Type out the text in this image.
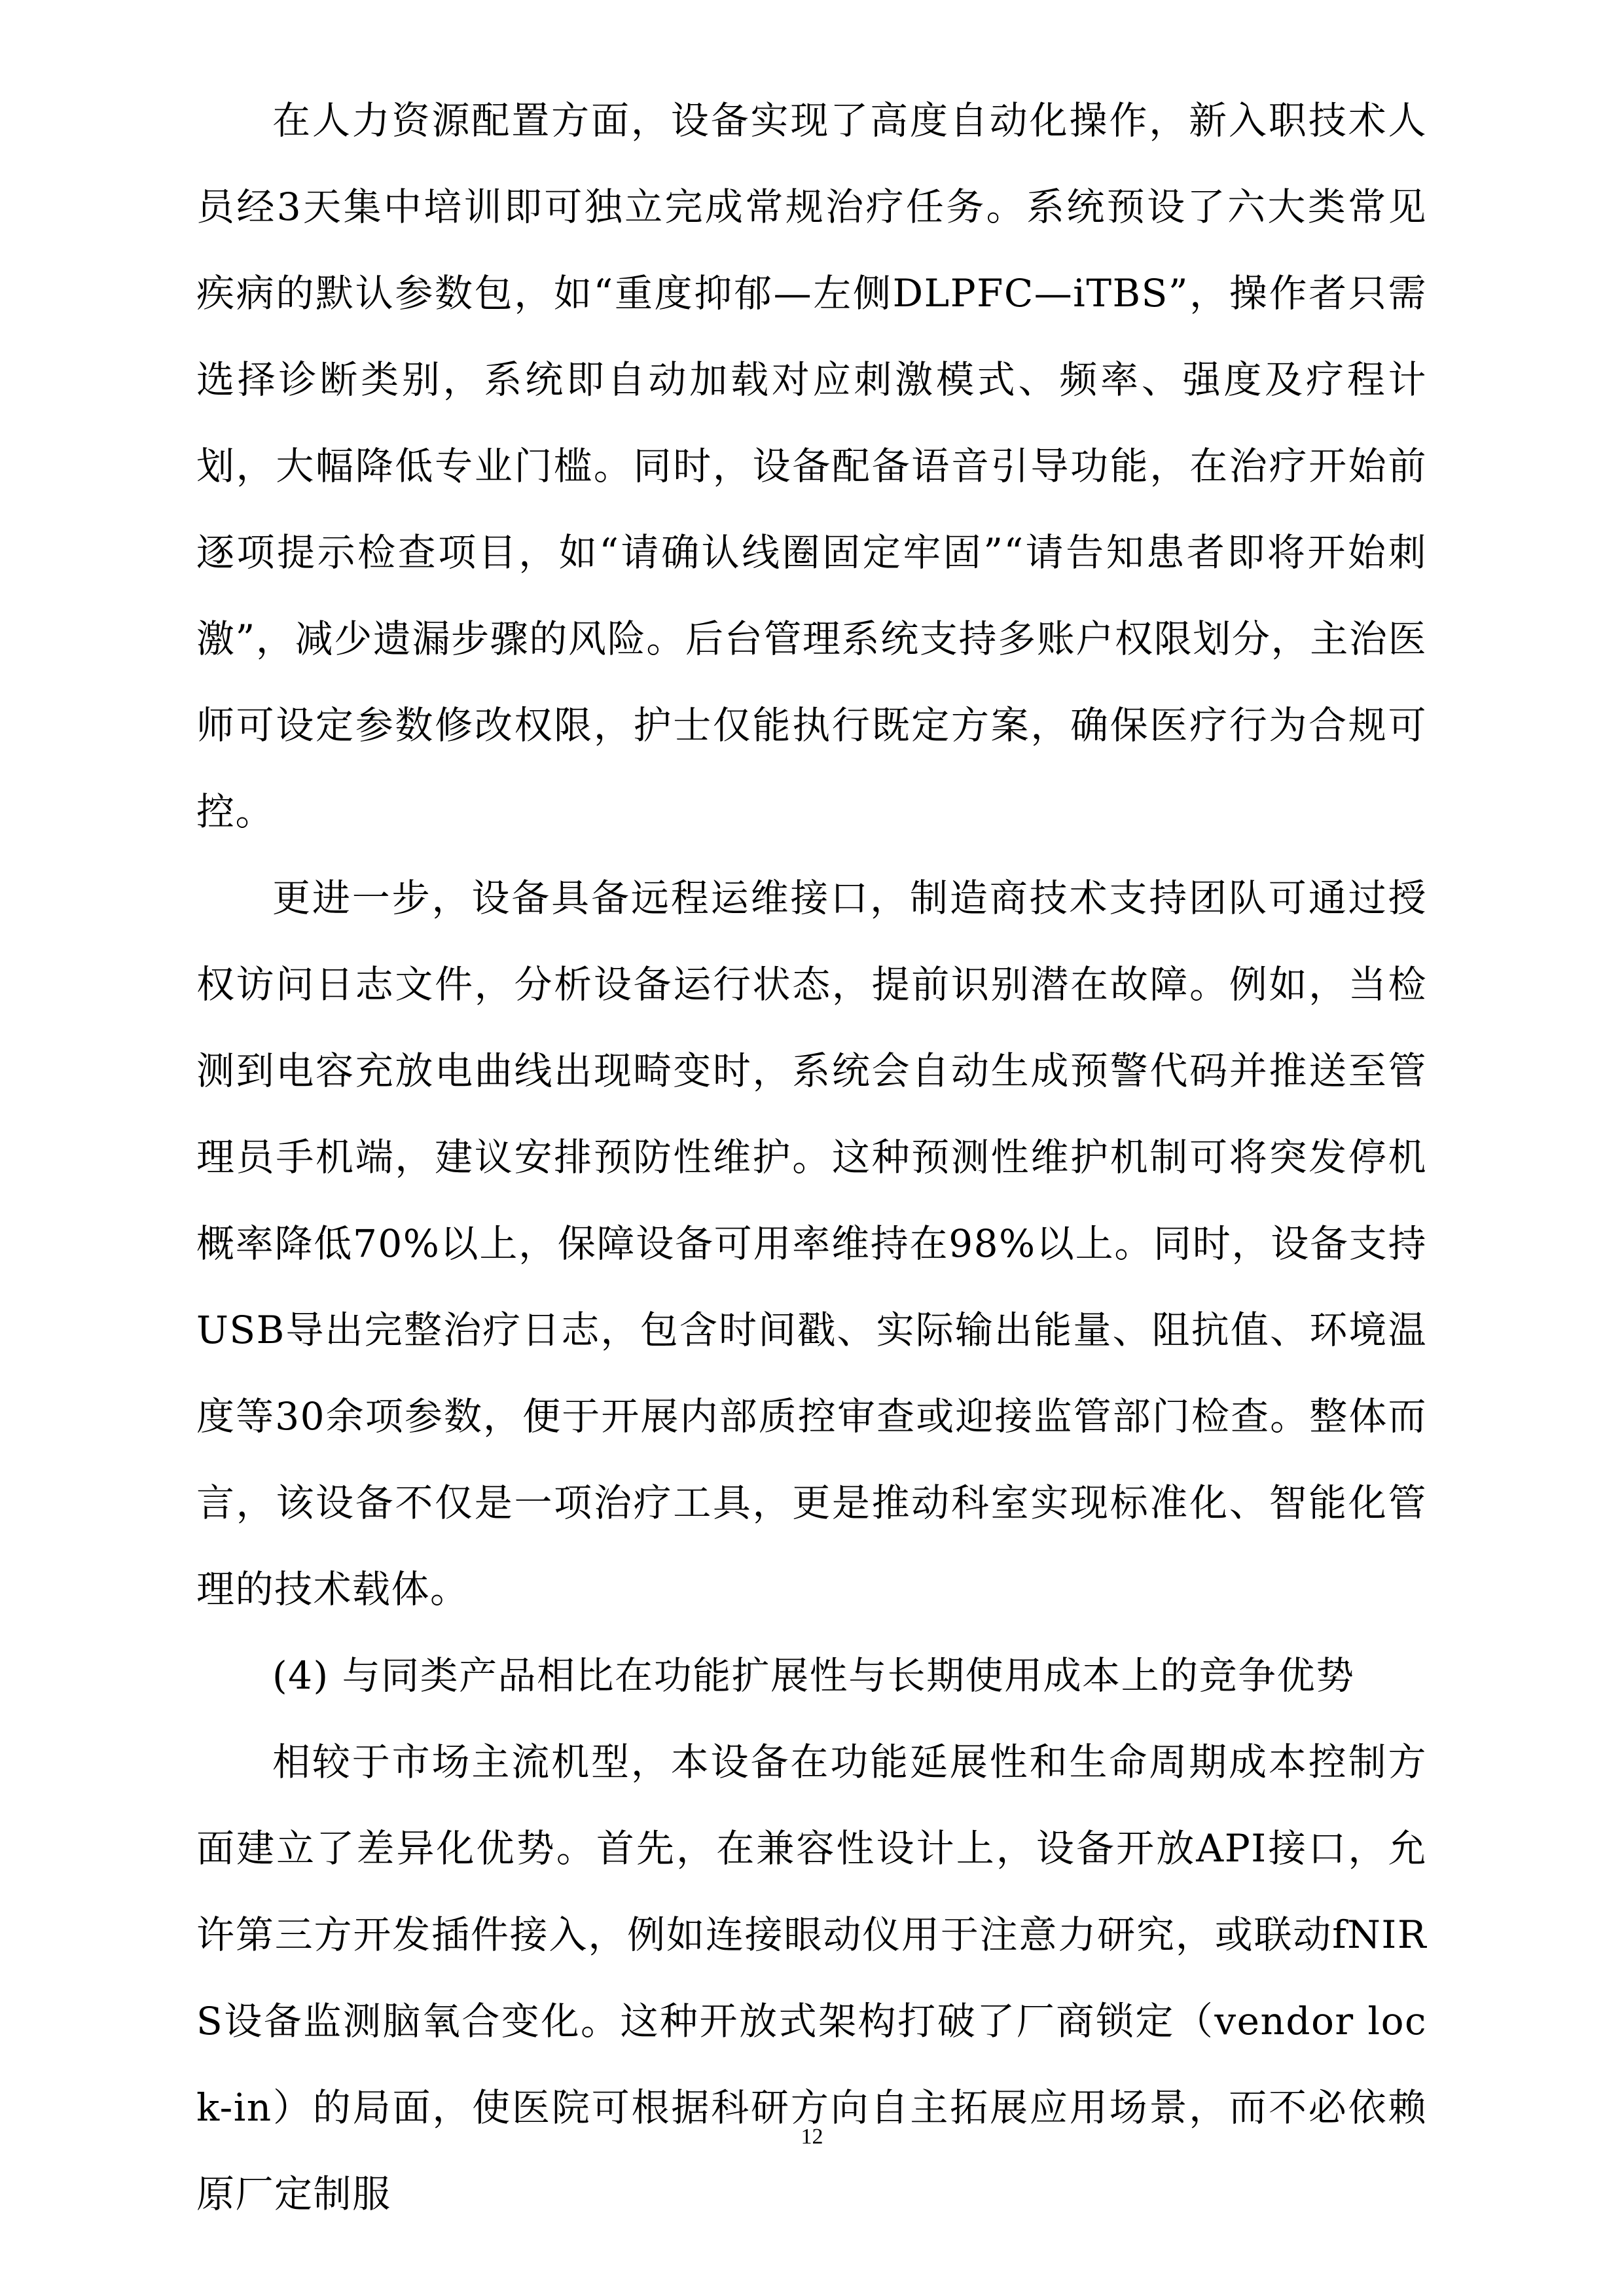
在人力资源配置方面，设备实现了高度自动化操作，新入职技术人员经3天集中培训即可独立完成常规治疗任务。系统预设了六大类常见疾病的默认参数包，如“重度抑郁—左侧DLPFC—iTBS”，操作者只需选择诊断类别，系统即自动加载对应刺激模式、频率、强度及疗程计划，大幅降低专业门槛。同时，设备配备语音引导功能，在治疗开始前逐项提示检查项目，如“请确认线圈固定牢固”“请告知患者即将开始刺激”，减少遗漏步骤的风险。后台管理系统支持多账户权限划分，主治医师可设定参数修改权限，护士仅能执行既定方案，确保医疗行为合规可控。

更进一步，设备具备远程运维接口，制造商技术支持团队可通过授权访问日志文件，分析设备运行状态，提前识别潜在故障。例如，当检测到电容充放电曲线出现畸变时，系统会自动生成预警代码并推送至管理员手机端，建议安排预防性维护。这种预测性维护机制可将突发停机概率降低70%以上，保障设备可用率维持在98%以上。同时，设备支持USB导出完整治疗日志，包含时间戳、实际输出能量、阻抗值、环境温度等30余项参数，便于开展内部质控审查或迎接监管部门检查。整体而言，该设备不仅是一项治疗工具，更是推动科室实现标准化、智能化管理的技术载体。

(4) 与同类产品相比在功能扩展性与长期使用成本上的竞争优势

相较于市场主流机型，本设备在功能延展性和生命周期成本控制方面建立了差异化优势。首先，在兼容性设计上，设备开放API接口，允许第三方开发插件接入，例如连接眼动仪用于注意力研究，或联动fNIRS设备监测脑氧合变化。这种开放式架构打破了厂商锁定（vendor lock-in）的局面，使医院可根据科研方向自主拓展应用场景，而不必依赖原厂定制服

12
